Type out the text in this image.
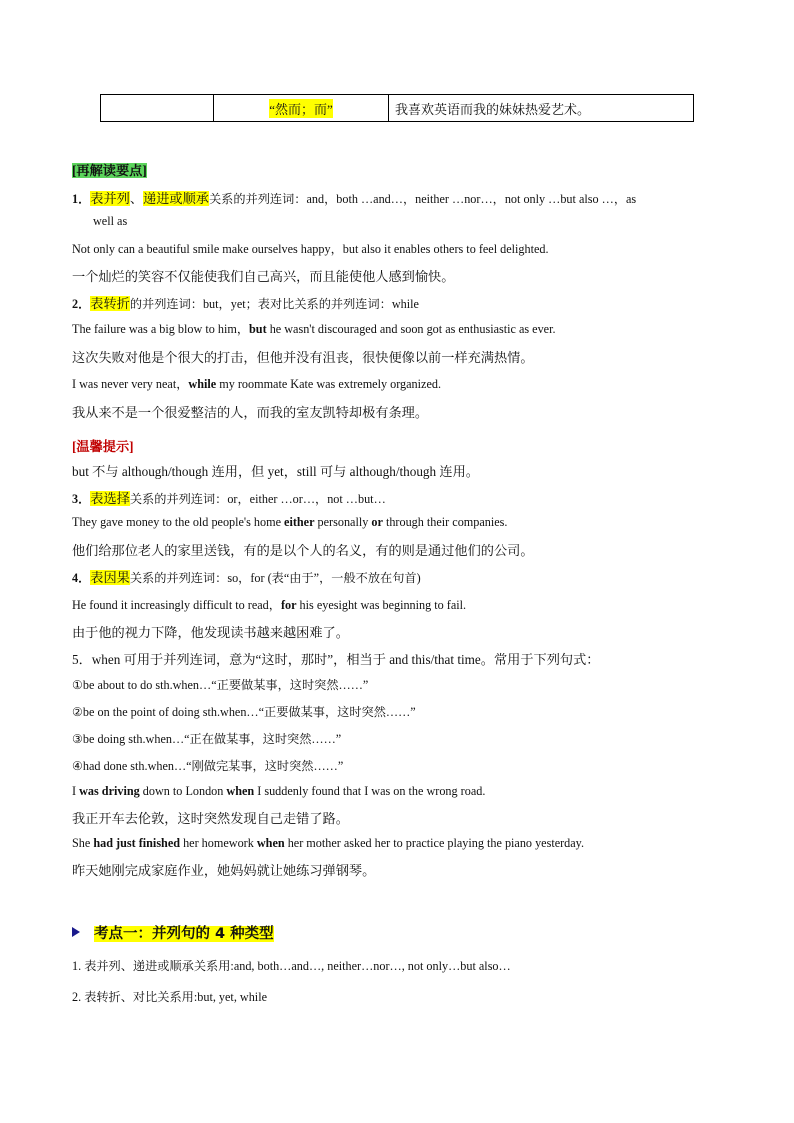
“然而；而”	我喜欢英语而我的妹妹热爱艺术。
[再解读要点]
1．表并列、递进或顺承关系的并列连词：and，both …and…，neither …nor…，not only …but also …，as
well as
Not only can a beautiful smile make ourselves happy，but also it enables others to feel delighted.
一个灿烂的笑容不仅能使我们自己高兴，而且能使他人感到愉快。
2．表转折的并列连词：but，yet；表对比关系的并列连词：while
The failure was a big blow to him，but he wasn't discouraged and soon got as enthusiastic as ever.
这次失败对他是个很大的打击，但他并没有沮丧，很快便像以前一样充满热情。
I was never very neat，while my roommate Kate was extremely organized.
我从来不是一个很爱整洁的人，而我的室友凯特却极有条理。
[温馨提示]
but 不与 although/though 连用，但 yet，still 可与 although/though 连用。
3．表选择关系的并列连词：or，either …or…，not …but…
They gave money to the old people's home either personally or through their companies.
他们给那位老人的家里送钱，有的是以个人的名义，有的则是通过他们的公司。
4．表因果关系的并列连词：so，for (表“由于”，一般不放在句首)
He found it increasingly difficult to read，for his eyesight was beginning to fail.
由于他的视力下降，他发现读书越来越困难了。
5．when 可用于并列连词，意为“这时，那时”，相当于 and this/that time。常用于下列句式：
①be about to do sth.when…“正要做某事，这时突然……”
②be on the point of doing sth.when…“正要做某事，这时突然……”
③be doing sth.when…“正在做某事，这时突然……”
④had done sth.when…“刚做完某事，这时突然……”
I was driving down to London when I suddenly found that I was on the wrong road.
我正开车去伦敦，这时突然发现自己走错了路。
She had just finished her homework when her mother asked her to practice playing the piano yesterday.
昨天她刚完成家庭作业，她妈妈就让她练习弹钢琴。
考点一：并列句的 4 种类型
1. 表并列、递进或顺承关系用:and, both…and…, neither…nor…, not only…but also…
2. 表转折、对比关系用:but, yet, while
